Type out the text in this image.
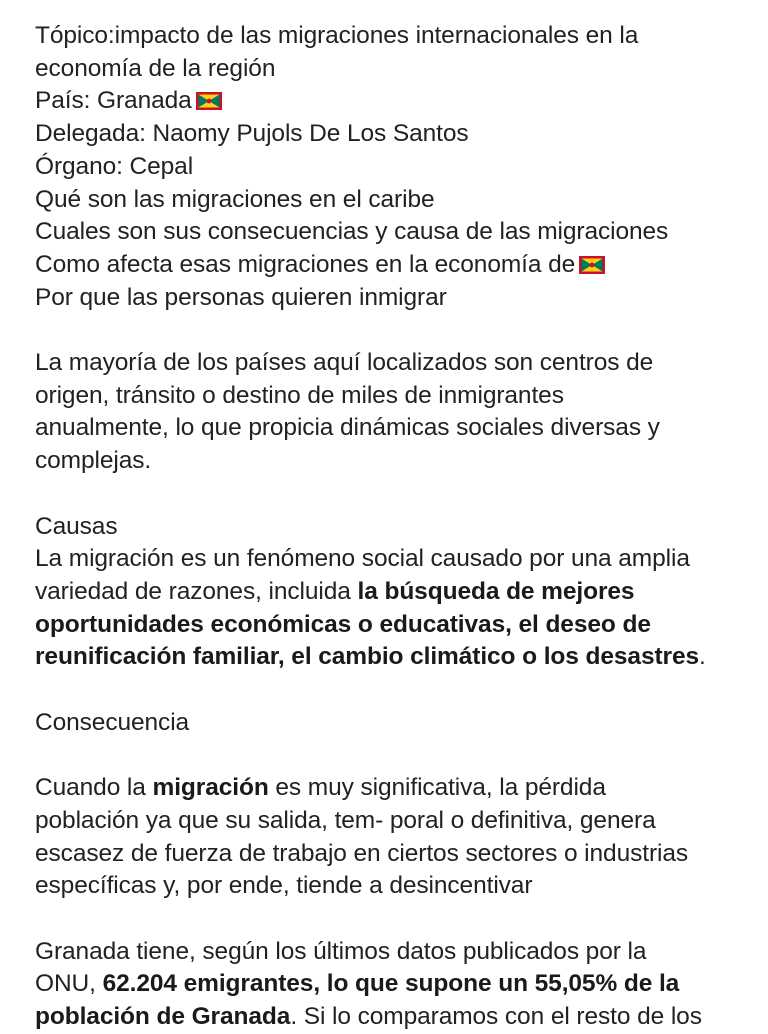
Tópico:impacto de las migraciones internacionales en la
economía de la región
País: Granada
Delegada: Naomy Pujols De Los Santos
Órgano: Cepal
Qué son las migraciones en el caribe
Cuales son sus consecuencias y causa de las migraciones
Como afecta esas migraciones en la economía de
Por que las personas quieren inmigrar
La mayoría de los países aquí localizados son centros de
origen, tránsito o destino de miles de inmigrantes
anualmente, lo que propicia dinámicas sociales diversas y
complejas.
Causas
La migración es un fenómeno social causado por una amplia
variedad de razones, incluida la búsqueda de mejores
oportunidades económicas o educativas, el deseo de
reunificación familiar, el cambio climático o los desastres.
Consecuencia
Cuando la migración es muy significativa, la pérdida
población ya que su salida, tem- poral o definitiva, genera
escasez de fuerza de trabajo en ciertos sectores o industrias
específicas y, por ende, tiende a desincentivar
Granada tiene, según los últimos datos publicados por la
ONU, 62.204 emigrantes, lo que supone un 55,05% de la
población de Granada. Si lo comparamos con el resto de los
